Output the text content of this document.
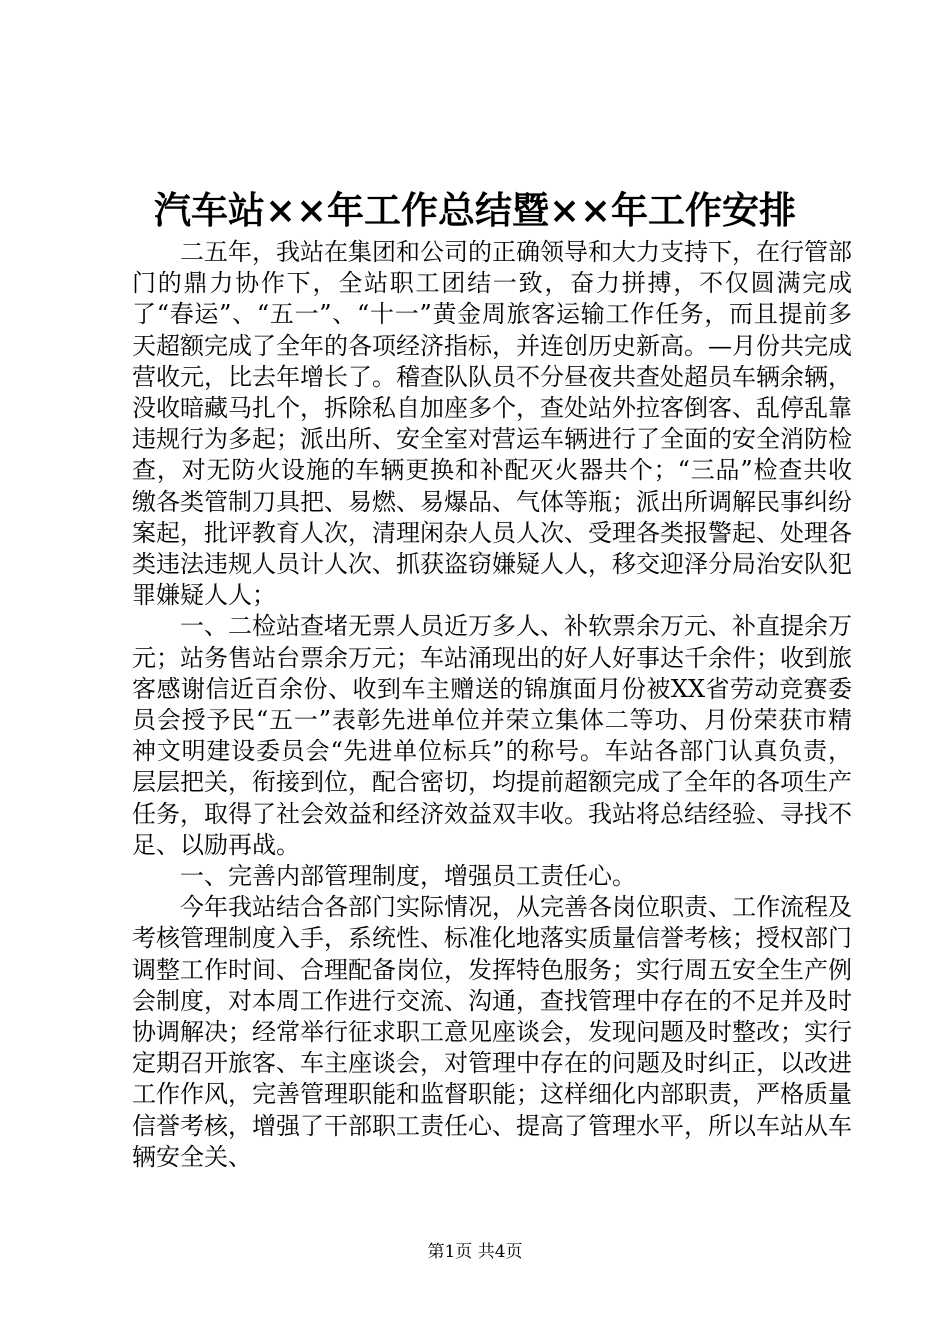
汽车站××年工作总结暨××年工作安排

二五年，我站在集团和公司的正确领导和大力支持下，在行管部门的鼎力协作下，全站职工团结一致，奋力拼搏，不仅圆满完成了“春运”、“五一”、“十一”黄金周旅客运输工作任务，而且提前多天超额完成了全年的各项经济指标，并连创历史新高。—月份共完成营收元，比去年增长了。稽查队队员不分昼夜共查处超员车辆余辆，没收暗藏马扎个，拆除私自加座多个，查处站外拉客倒客、乱停乱靠违规行为多起；派出所、安全室对营运车辆进行了全面的安全消防检查，对无防火设施的车辆更换和补配灭火器共个；“三品”检查共收缴各类管制刀具把、易燃、易爆品、气体等瓶；派出所调解民事纠纷案起，批评教育人次，清理闲杂人员人次、受理各类报警起、处理各类违法违规人员计人次、抓获盗窃嫌疑人人，移交迎泽分局治安队犯罪嫌疑人人；

一、二检站查堵无票人员近万多人、补软票余万元、补直提余万元；站务售站台票余万元；车站涌现出的好人好事达千余件；收到旅客感谢信近百余份、收到车主赠送的锦旗面月份被XX省劳动竞赛委员会授予民“五一”表彰先进单位并荣立集体二等功、月份荣获市精神文明建设委员会“先进单位标兵”的称号。车站各部门认真负责，层层把关，衔接到位，配合密切，均提前超额完成了全年的各项生产任务，取得了社会效益和经济效益双丰收。我站将总结经验、寻找不足、以励再战。

一、完善内部管理制度，增强员工责任心。

今年我站结合各部门实际情况，从完善各岗位职责、工作流程及考核管理制度入手，系统性、标准化地落实质量信誉考核；授权部门调整工作时间、合理配备岗位，发挥特色服务；实行周五安全生产例会制度，对本周工作进行交流、沟通，查找管理中存在的不足并及时协调解决；经常举行征求职工意见座谈会，发现问题及时整改；实行定期召开旅客、车主座谈会，对管理中存在的问题及时纠正，以改进工作作风，完善管理职能和监督职能；这样细化内部职责，严格质量信誉考核，增强了干部职工责任心、提高了管理水平，所以车站从车辆安全关、

第1页 共4页
